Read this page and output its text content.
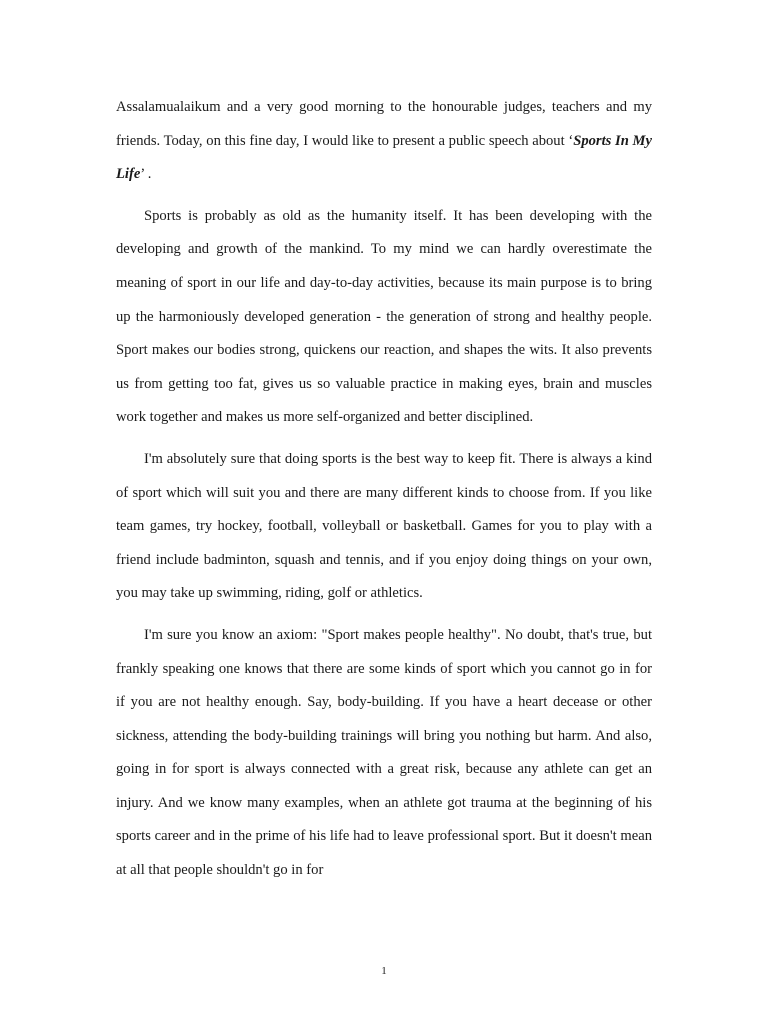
Assalamualaikum and a very good morning to the honourable judges, teachers and my friends. Today, on this fine day, I would like to present a public speech about ‘Sports In My Life’ .

Sports is probably as old as the humanity itself. It has been developing with the developing and growth of the mankind. To my mind we can hardly overestimate the meaning of sport in our life and day-to-day activities, because its main purpose is to bring up the harmoniously developed generation - the generation of strong and healthy people. Sport makes our bodies strong, quickens our reaction, and shapes the wits. It also prevents us from getting too fat, gives us so valuable practice in making eyes, brain and muscles work together and makes us more self-organized and better disciplined.

I'm absolutely sure that doing sports is the best way to keep fit. There is always a kind of sport which will suit you and there are many different kinds to choose from. If you like team games, try hockey, football, volleyball or basketball. Games for you to play with a friend include badminton, squash and tennis, and if you enjoy doing things on your own, you may take up swimming, riding, golf or athletics.

I'm sure you know an axiom: "Sport makes people healthy". No doubt, that's true, but frankly speaking one knows that there are some kinds of sport which you cannot go in for if you are not healthy enough. Say, body-building. If you have a heart decease or other sickness, attending the body-building trainings will bring you nothing but harm. And also, going in for sport is always connected with a great risk, because any athlete can get an injury. And we know many examples, when an athlete got trauma at the beginning of his sports career and in the prime of his life had to leave professional sport. But it doesn't mean at all that people shouldn't go in for

1
